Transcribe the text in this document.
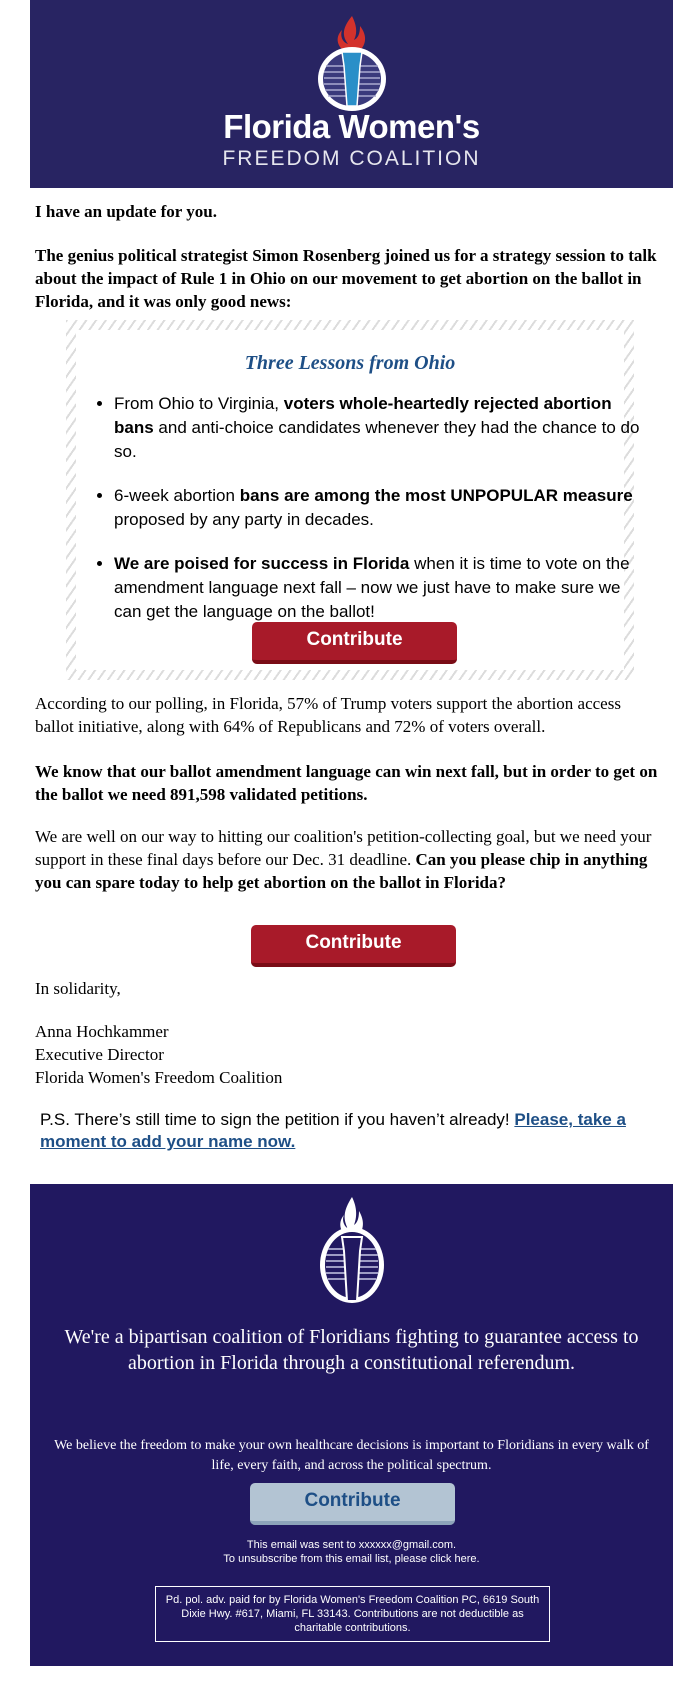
Florida Women's
FREEDOM COALITION
I have an update for you.
The genius political strategist Simon Rosenberg joined us for a strategy session to talk about the impact of Rule 1 in Ohio on our movement to get abortion on the ballot in Florida, and it was only good news:
Three Lessons from Ohio
• From Ohio to Virginia, voters whole-heartedly rejected abortion bans and anti-choice candidates whenever they had the chance to do so.
• 6-week abortion bans are among the most UNPOPULAR measure proposed by any party in decades.
• We are poised for success in Florida when it is time to vote on the amendment language next fall – now we just have to make sure we can get the language on the ballot!
Contribute
According to our polling, in Florida, 57% of Trump voters support the abortion access ballot initiative, along with 64% of Republicans and 72% of voters overall.
We know that our ballot amendment language can win next fall, but in order to get on the ballot we need 891,598 validated petitions.
We are well on our way to hitting our coalition's petition-collecting goal, but we need your support in these final days before our Dec. 31 deadline. Can you please chip in anything you can spare today to help get abortion on the ballot in Florida?
Contribute
In solidarity,
Anna Hochkammer
Executive Director
Florida Women's Freedom Coalition
P.S. There’s still time to sign the petition if you haven’t already! Please, take a moment to add your name now.
We're a bipartisan coalition of Floridians fighting to guarantee access to abortion in Florida through a constitutional referendum.
We believe the freedom to make your own healthcare decisions is important to Floridians in every walk of life, every faith, and across the political spectrum.
Contribute
This email was sent to xxxxxx@gmail.com.
To unsubscribe from this email list, please click here.
Pd. pol. adv. paid for by Florida Women's Freedom Coalition PC, 6619 South Dixie Hwy. #617, Miami, FL 33143. Contributions are not deductible as charitable contributions.
